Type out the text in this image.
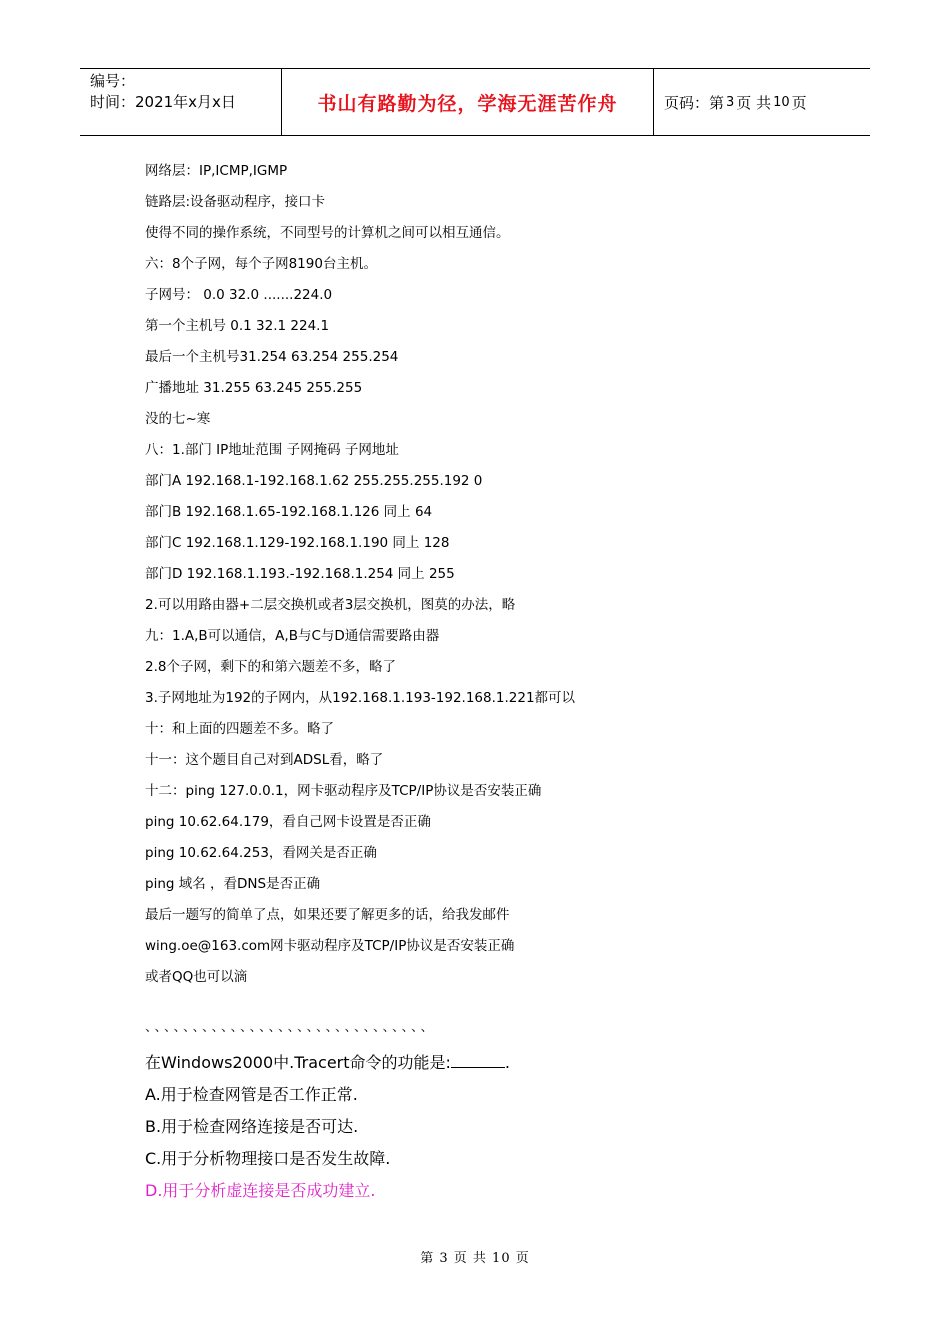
编号：
时间：2021年x月x日	书山有路勤为径，学海无涯苦作舟	页码：第 3 页 共 10 页
网络层：IP,ICMP,IGMP
链路层:设备驱动程序，接口卡
使得不同的操作系统，不同型号的计算机之间可以相互通信。
六：8个子网，每个子网8190台主机。
子网号： 0.0 32.0 .......224.0
第一个主机号 0.1 32.1 224.1
最后一个主机号31.254 63.254 255.254
广播地址 31.255 63.245 255.255
没的七~寒
八：1.部门 IP地址范围 子网掩码 子网地址
部门A 192.168.1-192.168.1.62 255.255.255.192 0
部门B 192.168.1.65-192.168.1.126 同上 64
部门C 192.168.1.129-192.168.1.190 同上 128
部门D 192.168.1.193.-192.168.1.254 同上 255
2.可以用路由器+二层交换机或者3层交换机，图莫的办法，略
九：1.A,B可以通信，A,B与C与D通信需要路由器
2.8个子网，剩下的和第六题差不多，略了
3.子网地址为192的子网内，从192.168.1.193-192.168.1.221都可以
十：和上面的四题差不多。略了
十一：这个题目自己对到ADSL看，略了
十二：ping 127.0.0.1，网卡驱动程序及TCP/IP协议是否安装正确
ping 10.62.64.179，看自己网卡设置是否正确
ping 10.62.64.253，看网关是否正确
ping 域名 ，看DNS是否正确
最后一题写的简单了点，如果还要了解更多的话，给我发邮件
wing.oe@163.com网卡驱动程序及TCP/IP协议是否安装正确
或者QQ也可以滴
、、、、、、、、、、、、、、、、、、、、、、、、、、、、、、
在Windows2000中.Tracert命令的功能是:	.
A.用于检查网管是否工作正常.
B.用于检查网络连接是否可达.
C.用于分析物理接口是否发生故障.
D.用于分析虚连接是否成功建立.
第 3 页 共 10 页
